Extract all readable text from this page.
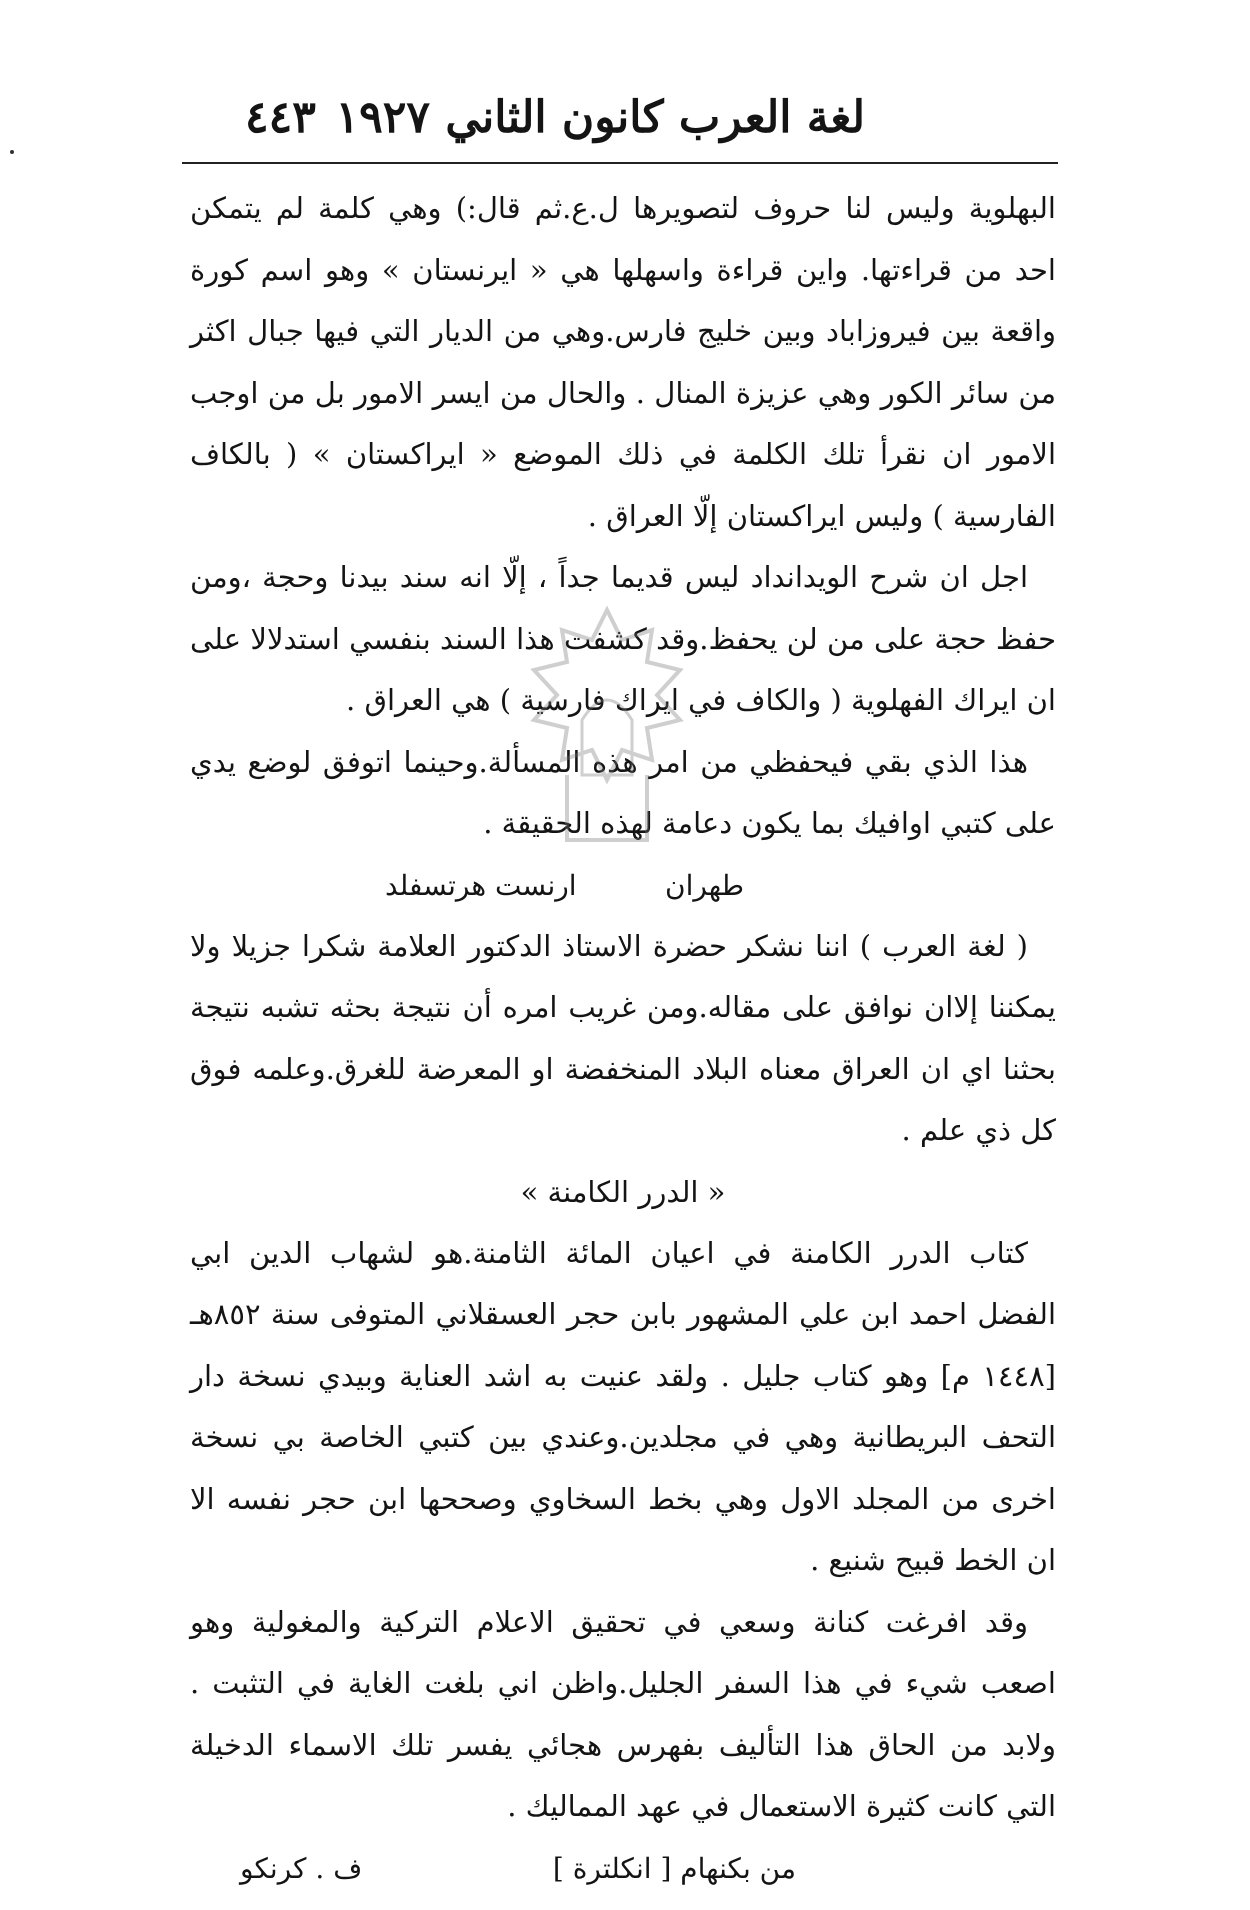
لغة العرب كانون الثاني ١٩٢٧
٤٤٣

البهلوية وليس لنا حروف لتصويرها ل.ع.ثم قال:) وهي كلمة لم يتمكن احد من قراءتها. واين قراءة واسهلها هي « ايرنستان » وهو اسم كورة واقعة بين فيروزاباد وبين خليج فارس.وهي من الديار التي فيها جبال اكثر من سائر الكور وهي عزيزة المنال . والحال من ايسر الامور بل من اوجب الامور ان نقرأ تلك الكلمة في ذلك الموضع « ايراكستان » ( بالكاف الفارسية ) وليس ايراكستان إلّا العراق .

اجل ان شرح الويدانداد ليس قديما جداً ، إلّا انه سند بيدنا وحجة ،ومن حفظ حجة على من لن يحفظ.وقد كشفت هذا السند بنفسي استدلالا على ان ايراك الفهلوية ( والكاف في ايراك فارسية ) هي العراق .

هذا الذي بقي فيحفظي من امر هذه المسألة.وحينما اتوفق لوضع يدي على كتبي اوافيك بما يكون دعامة لهذه الحقيقة .

طهران
ارنست هرتسفلد

( لغة العرب ) اننا نشكر حضرة الاستاذ الدكتور العلامة شكرا جزيلا ولا يمكننا إلاان نوافق على مقاله.ومن غريب امره أن نتيجة بحثه تشبه نتيجة بحثنا اي ان العراق معناه البلاد المنخفضة او المعرضة للغرق.وعلمه فوق كل ذي علم .

« الدرر الكامنة »

كتاب الدرر الكامنة في اعيان المائة الثامنة.هو لشهاب الدين ابي الفضل احمد ابن علي المشهور بابن حجر العسقلاني المتوفى سنة ٨٥٢هـ [١٤٤٨ م] وهو كتاب جليل . ولقد عنيت به اشد العناية وبيدي نسخة دار التحف البريطانية وهي في مجلدين.وعندي بين كتبي الخاصة بي نسخة اخرى من المجلد الاول وهي بخط السخاوي وصححها ابن حجر نفسه الا ان الخط قبيح شنيع .

وقد افرغت كنانة وسعي في تحقيق الاعلام التركية والمغولية وهو اصعب شيء في هذا السفر الجليل.واظن اني بلغت الغاية في التثبت . ولابد من الحاق هذا التأليف بفهرس هجائي يفسر تلك الاسماء الدخيلة التي كانت كثيرة الاستعمال في عهد المماليك .

من بكنهام [ انكلترة ]
ف . كرنكو
